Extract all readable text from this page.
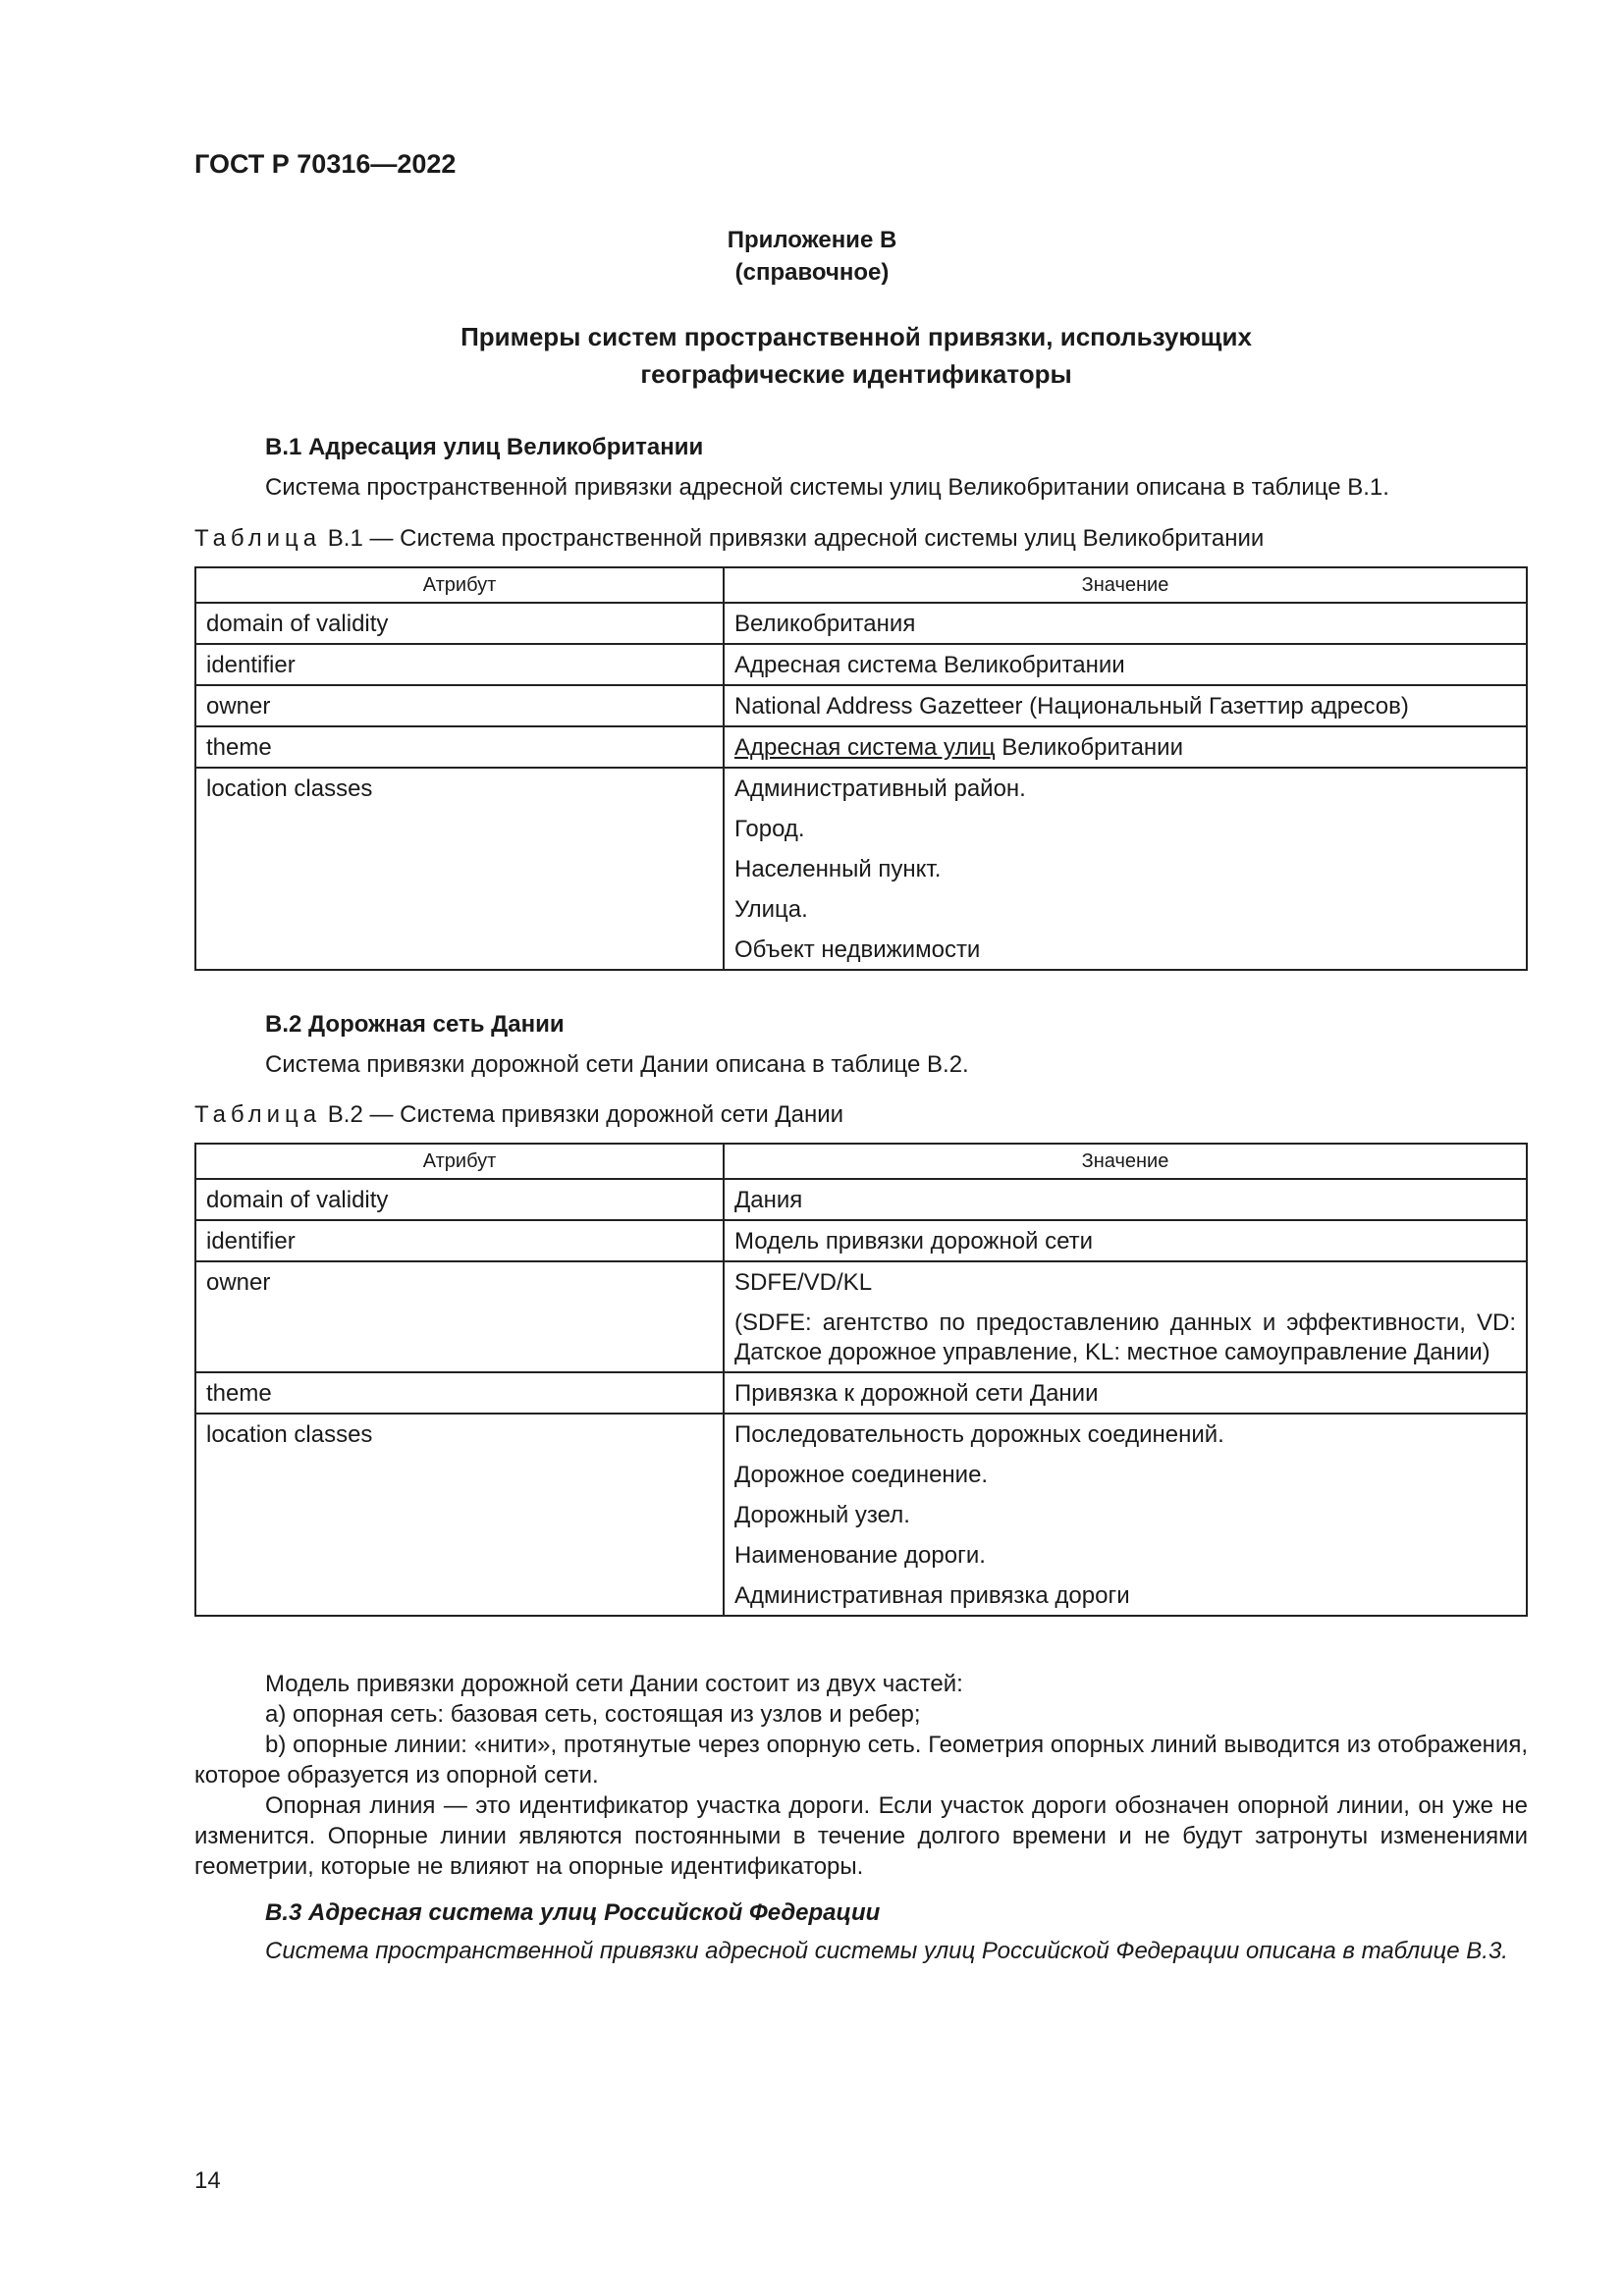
ГОСТ Р 70316—2022
Приложение В
(справочное)
Примеры систем пространственной привязки, использующих
географические идентификаторы
В.1 Адресация улиц Великобритании
Система пространственной привязки адресной системы улиц Великобритании описана в таблице В.1.
Таблица В.1 — Система пространственной привязки адресной системы улиц Великобритании
Атрибут	Значение
domain of validity	Великобритания
identifier	Адресная система Великобритании
owner	National Address Gazetteer (Национальный Газеттир адресов)
theme	Адресная система улиц Великобритании
location classes	Административный район.
Город.
Населенный пункт.
Улица.
Объект недвижимости
В.2 Дорожная сеть Дании
Система привязки дорожной сети Дании описана в таблице В.2.
Таблица В.2 — Система привязки дорожной сети Дании
Атрибут	Значение
domain of validity	Дания
identifier	Модель привязки дорожной сети
owner	SDFE/VD/KL
(SDFE: агентство по предоставлению данных и эффективности, VD: Датское дорожное управление, KL: местное самоуправление Дании)

theme	Привязка к дорожной сети Дании
location classes	Последовательность дорожных соединений.
Дорожное соединение.
Дорожный узел.
Наименование дороги.
Административная привязка дороги

Модель привязки дорожной сети Дании состоит из двух частей:

a) опорная сеть: базовая сеть, состоящая из узлов и ребер;

b) опорные линии: «нити», протянутые через опорную сеть. Геометрия опорных линий выводится из отображения, которое образуется из опорной сети.

Опорная линия — это идентификатор участка дороги. Если участок дороги обозначен опорной линии, он уже не изменится. Опорные линии являются постоянными в течение долгого времени и не будут затронуты изменениями геометрии, которые не влияют на опорные идентификаторы.

В.3 Адресная система улиц Российской Федерации

Система пространственной привязки адресной системы улиц Российской Федерации описана в таблице В.3.

14
